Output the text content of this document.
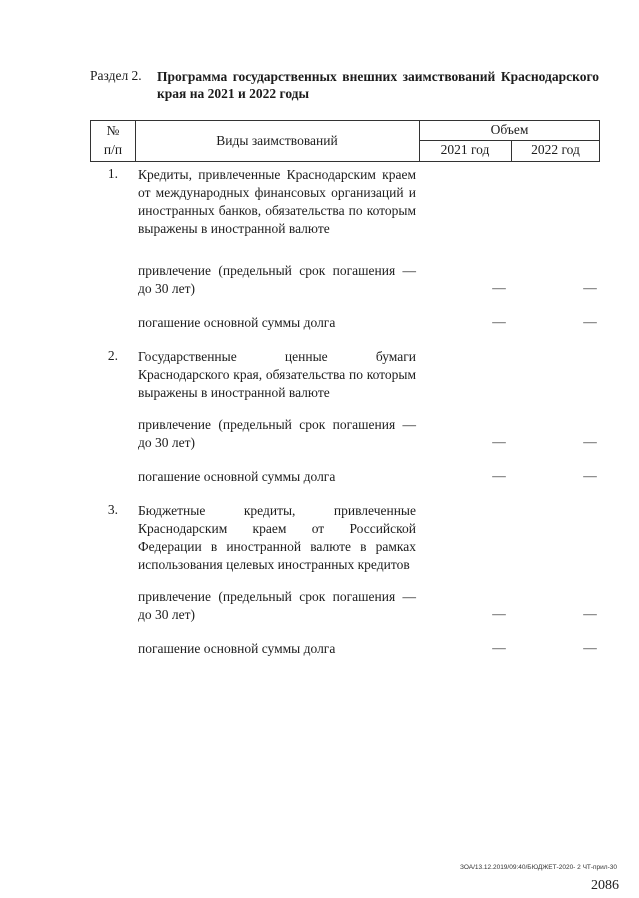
Раздел 2. Программа государственных внешних заимствований Краснодарского края на 2021 и 2022 годы
№
п/п
Виды заимствований
Объем
2021 год	2022 год
1. Кредиты, привлеченные Краснодарским краем от международных финансовых организаций и иностранных банков, обязательства по которым выражены в иностранной валюте
привлечение (предельный срок погашения — до 30 лет)	—	—
погашение основной суммы долга	—	—
2. Государственные ценные бумаги Краснодарского края, обязательства по которым выражены в иностранной валюте
привлечение (предельный срок погашения — до 30 лет)	—	—
погашение основной суммы долга	—	—
3. Бюджетные кредиты, привлеченные Краснодарским краем от Российской Федерации в иностранной валюте в рамках использования целевых иностранных кредитов
привлечение (предельный срок погашения — до 30 лет)	—	—
погашение основной суммы долга	—	—
ЗОА/13.12.2019/09:40/БЮДЖЕТ-2020- 2 ЧТ-прил-30
2086
